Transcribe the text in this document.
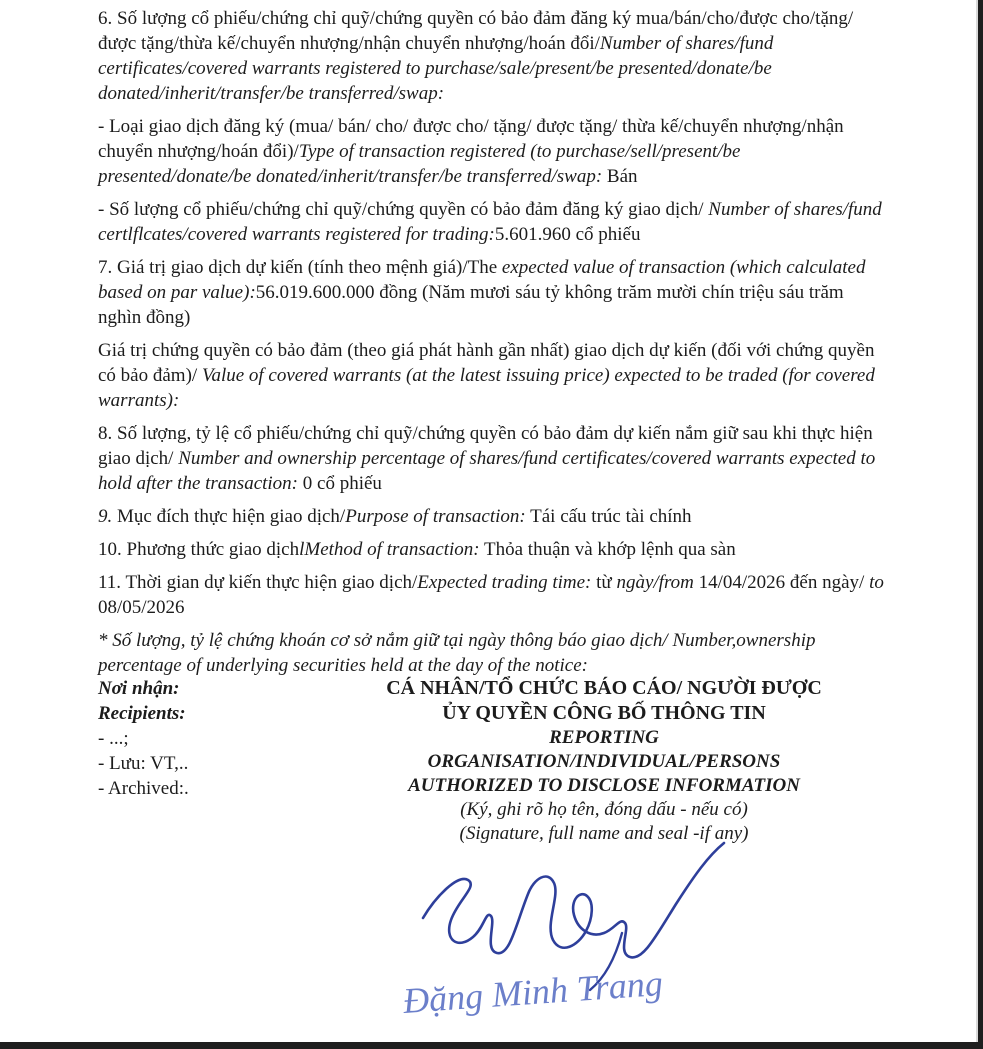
6. Số lượng cổ phiếu/chứng chỉ quỹ/chứng quyền có bảo đảm đăng ký mua/bán/cho/được cho/tặng/được tặng/thừa kế/chuyển nhượng/nhận chuyển nhượng/hoán đổi/Number of shares/fund certificates/covered warrants registered to purchase/sale/present/be presented/donate/be donated/inherit/transfer/be transferred/swap:

- Loại giao dịch đăng ký (mua/ bán/ cho/ được cho/ tặng/ được tặng/ thừa kế/chuyển nhượng/nhận chuyển nhượng/hoán đổi)/Type of transaction registered (to purchase/sell/present/be presented/donate/be donated/inherit/transfer/be transferred/swap: Bán

- Số lượng cổ phiếu/chứng chỉ quỹ/chứng quyền có bảo đảm đăng ký giao dịch/ Number of shares/fund certlflcates/covered warrants registered for trading:5.601.960 cổ phiếu

7. Giá trị giao dịch dự kiến (tính theo mệnh giá)/The expected value of transaction (which calculated based on par value):56.019.600.000 đồng (Năm mươi sáu tỷ không trăm mười chín triệu sáu trăm nghìn đồng)

Giá trị chứng quyền có bảo đảm (theo giá phát hành gần nhất) giao dịch dự kiến (đối với chứng quyền có bảo đảm)/ Value of covered warrants (at the latest issuing price) expected to be traded (for covered warrants):

8. Số lượng, tỷ lệ cổ phiếu/chứng chỉ quỹ/chứng quyền có bảo đảm dự kiến nắm giữ sau khi thực hiện giao dịch/ Number and ownership percentage of shares/fund certificates/covered warrants expected to hold after the transaction: 0 cổ phiếu

9. Mục đích thực hiện giao dịch/Purpose of transaction: Tái cấu trúc tài chính

10. Phương thức giao dịchlMethod of transaction: Thỏa thuận và khớp lệnh qua sàn

11. Thời gian dự kiến thực hiện giao dịch/Expected trading time: từ ngày/from 14/04/2026 đến ngày/ to 08/05/2026

* Số lượng, tỷ lệ chứng khoán cơ sở nắm giữ tại ngày thông báo giao dịch/ Number,ownership percentage of underlying securities held at the day of the notice:

Nơi nhận:
Recipients:
- ...;
- Lưu: VT,..
- Archived:.
CÁ NHÂN/TỔ CHỨC BÁO CÁO/ NGƯỜI ĐƯỢC
ỦY QUYỀN CÔNG BỐ THÔNG TIN
REPORTING
ORGANISATION/INDIVIDUAL/PERSONS
AUTHORIZED TO DISCLOSE INFORMATION
(Ký, ghi rõ họ tên, đóng dấu - nếu có)
(Signature, full name and seal -if any)
Đặng Minh Trang
